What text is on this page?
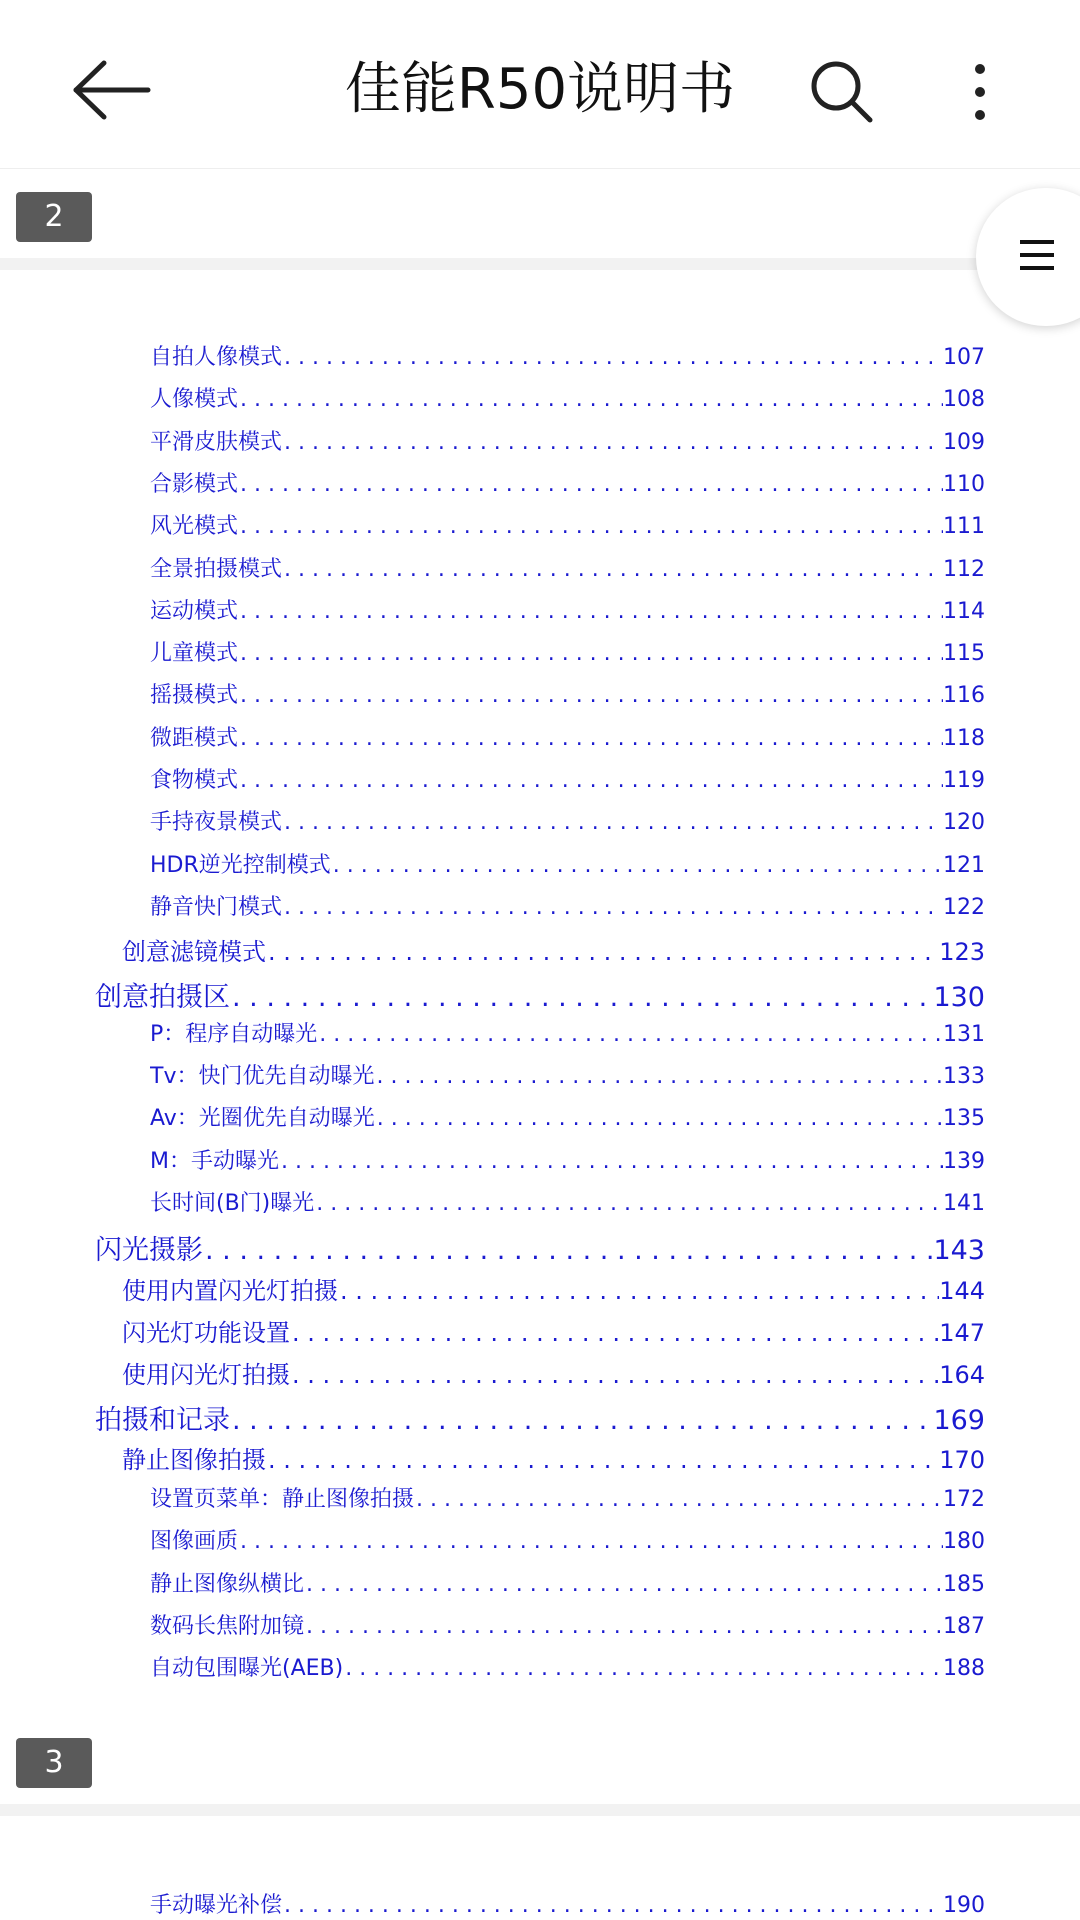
佳能R50说明书
2
自拍人像模式 . . .	107
人像模式 . . .	108
平滑皮肤模式 . . .	109
合影模式 . . .	110
风光模式 . . .	111
全景拍摄模式 . . .	112
运动模式 . . .	114
儿童模式 . . .	115
摇摄模式 . . .	116
微距模式 . . .	118
食物模式 . . .	119
手持夜景模式 . . .	120
HDR逆光控制模式 . . .	121
静音快门模式 . . .	122
创意滤镜模式 . . .	123
创意拍摄区 . . .	130
P：程序自动曝光 . . .	131
Tv：快门优先自动曝光 . . .	133
Av：光圈优先自动曝光 . . .	135
M：手动曝光 . . .	139
长时间(B门)曝光 . . .	141
闪光摄影 . . .	143
使用内置闪光灯拍摄 . . .	144
闪光灯功能设置 . . .	147
使用闪光灯拍摄 . . .	164
拍摄和记录 . . .	169
静止图像拍摄 . . .	170
设置页菜单：静止图像拍摄 . . .	172
图像画质 . . .	180
静止图像纵横比 . . .	185
数码长焦附加镜 . . .	187
自动包围曝光(AEB) . . .	188
手动曝光补偿 . . .	190
3
